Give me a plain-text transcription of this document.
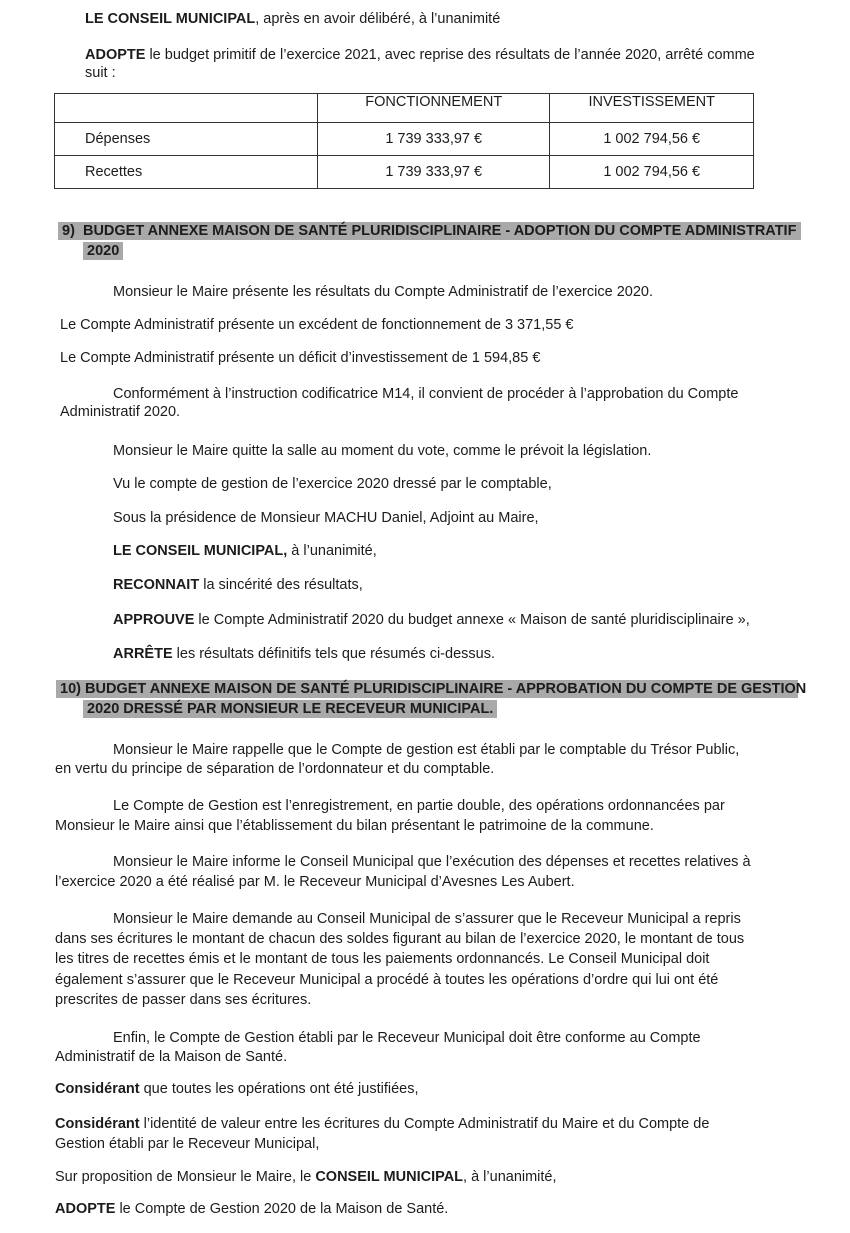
LE CONSEIL MUNICIPAL, après en avoir délibéré, à l’unanimité
ADOPTE le budget primitif de l’exercice 2021, avec reprise des résultats de l’année 2020, arrêté comme
suit :
	FONCTIONNEMENT	INVESTISSEMENT
Dépenses	1 739 333,97 €	1 002 794,56 €
Recettes	1 739 333,97 €	1 002 794,56 €
9) BUDGET ANNEXE MAISON DE SANTÉ PLURIDISCIPLINAIRE - ADOPTION DU COMPTE ADMINISTRATIF
2020
Monsieur le Maire présente les résultats du Compte Administratif de l’exercice 2020.
Le Compte Administratif présente un excédent de fonctionnement de 3 371,55 €
Le Compte Administratif présente un déficit d’investissement de 1 594,85 €
Conformément à l’instruction codificatrice M14, il convient de procéder à l’approbation du Compte
Administratif 2020.
Monsieur le Maire quitte la salle au moment du vote, comme le prévoit la législation.
Vu le compte de gestion de l’exercice 2020 dressé par le comptable,
Sous la présidence de Monsieur MACHU Daniel, Adjoint au Maire,
LE CONSEIL MUNICIPAL, à l’unanimité,
RECONNAIT la sincérité des résultats,
APPROUVE le Compte Administratif 2020 du budget annexe « Maison de santé pluridisciplinaire »,
ARRÊTE les résultats définitifs tels que résumés ci-dessus.
10) BUDGET ANNEXE MAISON DE SANTÉ PLURIDISCIPLINAIRE - APPROBATION DU COMPTE DE GESTION
2020 DRESSÉ PAR MONSIEUR LE RECEVEUR MUNICIPAL.
Monsieur le Maire rappelle que le Compte de gestion est établi par le comptable du Trésor Public,
en vertu du principe de séparation de l’ordonnateur et du comptable.
Le Compte de Gestion est l’enregistrement, en partie double, des opérations ordonnancées par
Monsieur le Maire ainsi que l’établissement du bilan présentant le patrimoine de la commune.
Monsieur le Maire informe le Conseil Municipal que l’exécution des dépenses et recettes relatives à
l’exercice 2020 a été réalisé par M. le Receveur Municipal d’Avesnes Les Aubert.
Monsieur le Maire demande au Conseil Municipal de s’assurer que le Receveur Municipal a repris
dans ses écritures le montant de chacun des soldes figurant au bilan de l’exercice 2020, le montant de tous
les titres de recettes émis et le montant de tous les paiements ordonnancés. Le Conseil Municipal doit
également s’assurer que le Receveur Municipal a procédé à toutes les opérations d’ordre qui lui ont été
prescrites de passer dans ses écritures.
Enfin, le Compte de Gestion établi par le Receveur Municipal doit être conforme au Compte
Administratif de la Maison de Santé.
Considérant que toutes les opérations ont été justifiées,
Considérant l’identité de valeur entre les écritures du Compte Administratif du Maire et du Compte de
Gestion établi par le Receveur Municipal,
Sur proposition de Monsieur le Maire, le CONSEIL MUNICIPAL, à l’unanimité,
ADOPTE le Compte de Gestion 2020 de la Maison de Santé.
